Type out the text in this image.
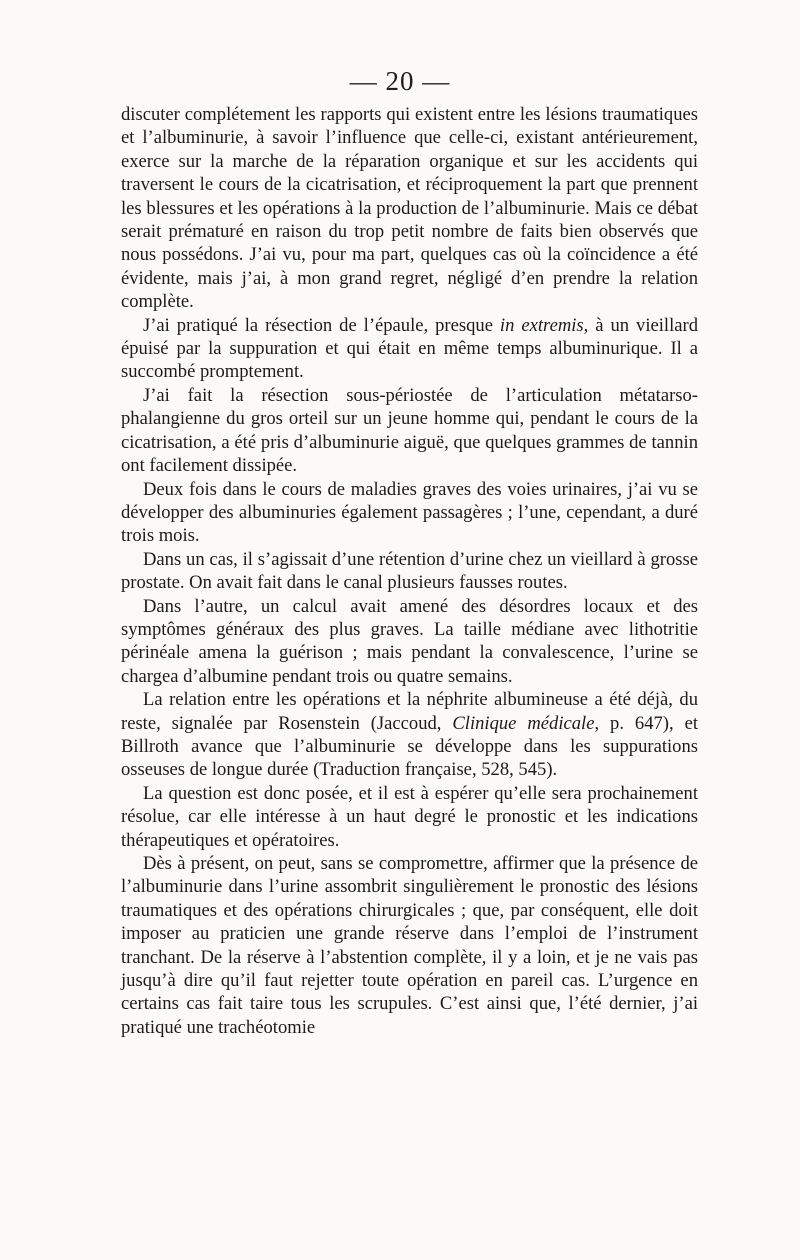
— 20 —

discuter complétement les rapports qui existent entre les lésions traumatiques et l’albuminurie, à savoir l’influence que celle-ci, existant antérieurement, exerce sur la marche de la réparation organique et sur les accidents qui traversent le cours de la cicatrisation, et réciproquement la part que prennent les blessures et les opérations à la production de l’albuminurie. Mais ce débat serait prématuré en raison du trop petit nombre de faits bien observés que nous possédons. J’ai vu, pour ma part, quelques cas où la coïncidence a été évidente, mais j’ai, à mon grand regret, négligé d’en prendre la relation complète.

J’ai pratiqué la résection de l’épaule, presque in extremis, à un vieillard épuisé par la suppuration et qui était en même temps albuminurique. Il a succombé promptement.

J’ai fait la résection sous-périostée de l’articulation métatarso-phalangienne du gros orteil sur un jeune homme qui, pendant le cours de la cicatrisation, a été pris d’albuminurie aiguë, que quelques grammes de tannin ont facilement dissipée.

Deux fois dans le cours de maladies graves des voies urinaires, j’ai vu se développer des albuminuries également passagères ; l’une, cependant, a duré trois mois.

Dans un cas, il s’agissait d’une rétention d’urine chez un vieillard à grosse prostate. On avait fait dans le canal plusieurs fausses routes.

Dans l’autre, un calcul avait amené des désordres locaux et des symptômes généraux des plus graves. La taille médiane avec lithotritie périnéale amena la guérison ; mais pendant la convalescence, l’urine se chargea d’albumine pendant trois ou quatre semains.

La relation entre les opérations et la néphrite albumineuse a été déjà, du reste, signalée par Rosenstein (Jaccoud, Clinique médicale, p. 647), et Billroth avance que l’albuminurie se développe dans les suppurations osseuses de longue durée (Traduction française, 528, 545).

La question est donc posée, et il est à espérer qu’elle sera prochainement résolue, car elle intéresse à un haut degré le pronostic et les indications thérapeutiques et opératoires.

Dès à présent, on peut, sans se compromettre, affirmer que la présence de l’albuminurie dans l’urine assombrit singulièrement le pronostic des lésions traumatiques et des opérations chirurgicales ; que, par conséquent, elle doit imposer au praticien une grande réserve dans l’emploi de l’instrument tranchant. De la réserve à l’abstention complète, il y a loin, et je ne vais pas jusqu’à dire qu’il faut rejetter toute opération en pareil cas. L’urgence en certains cas fait taire tous les scrupules. C’est ainsi que, l’été dernier, j’ai pratiqué une trachéotomie
